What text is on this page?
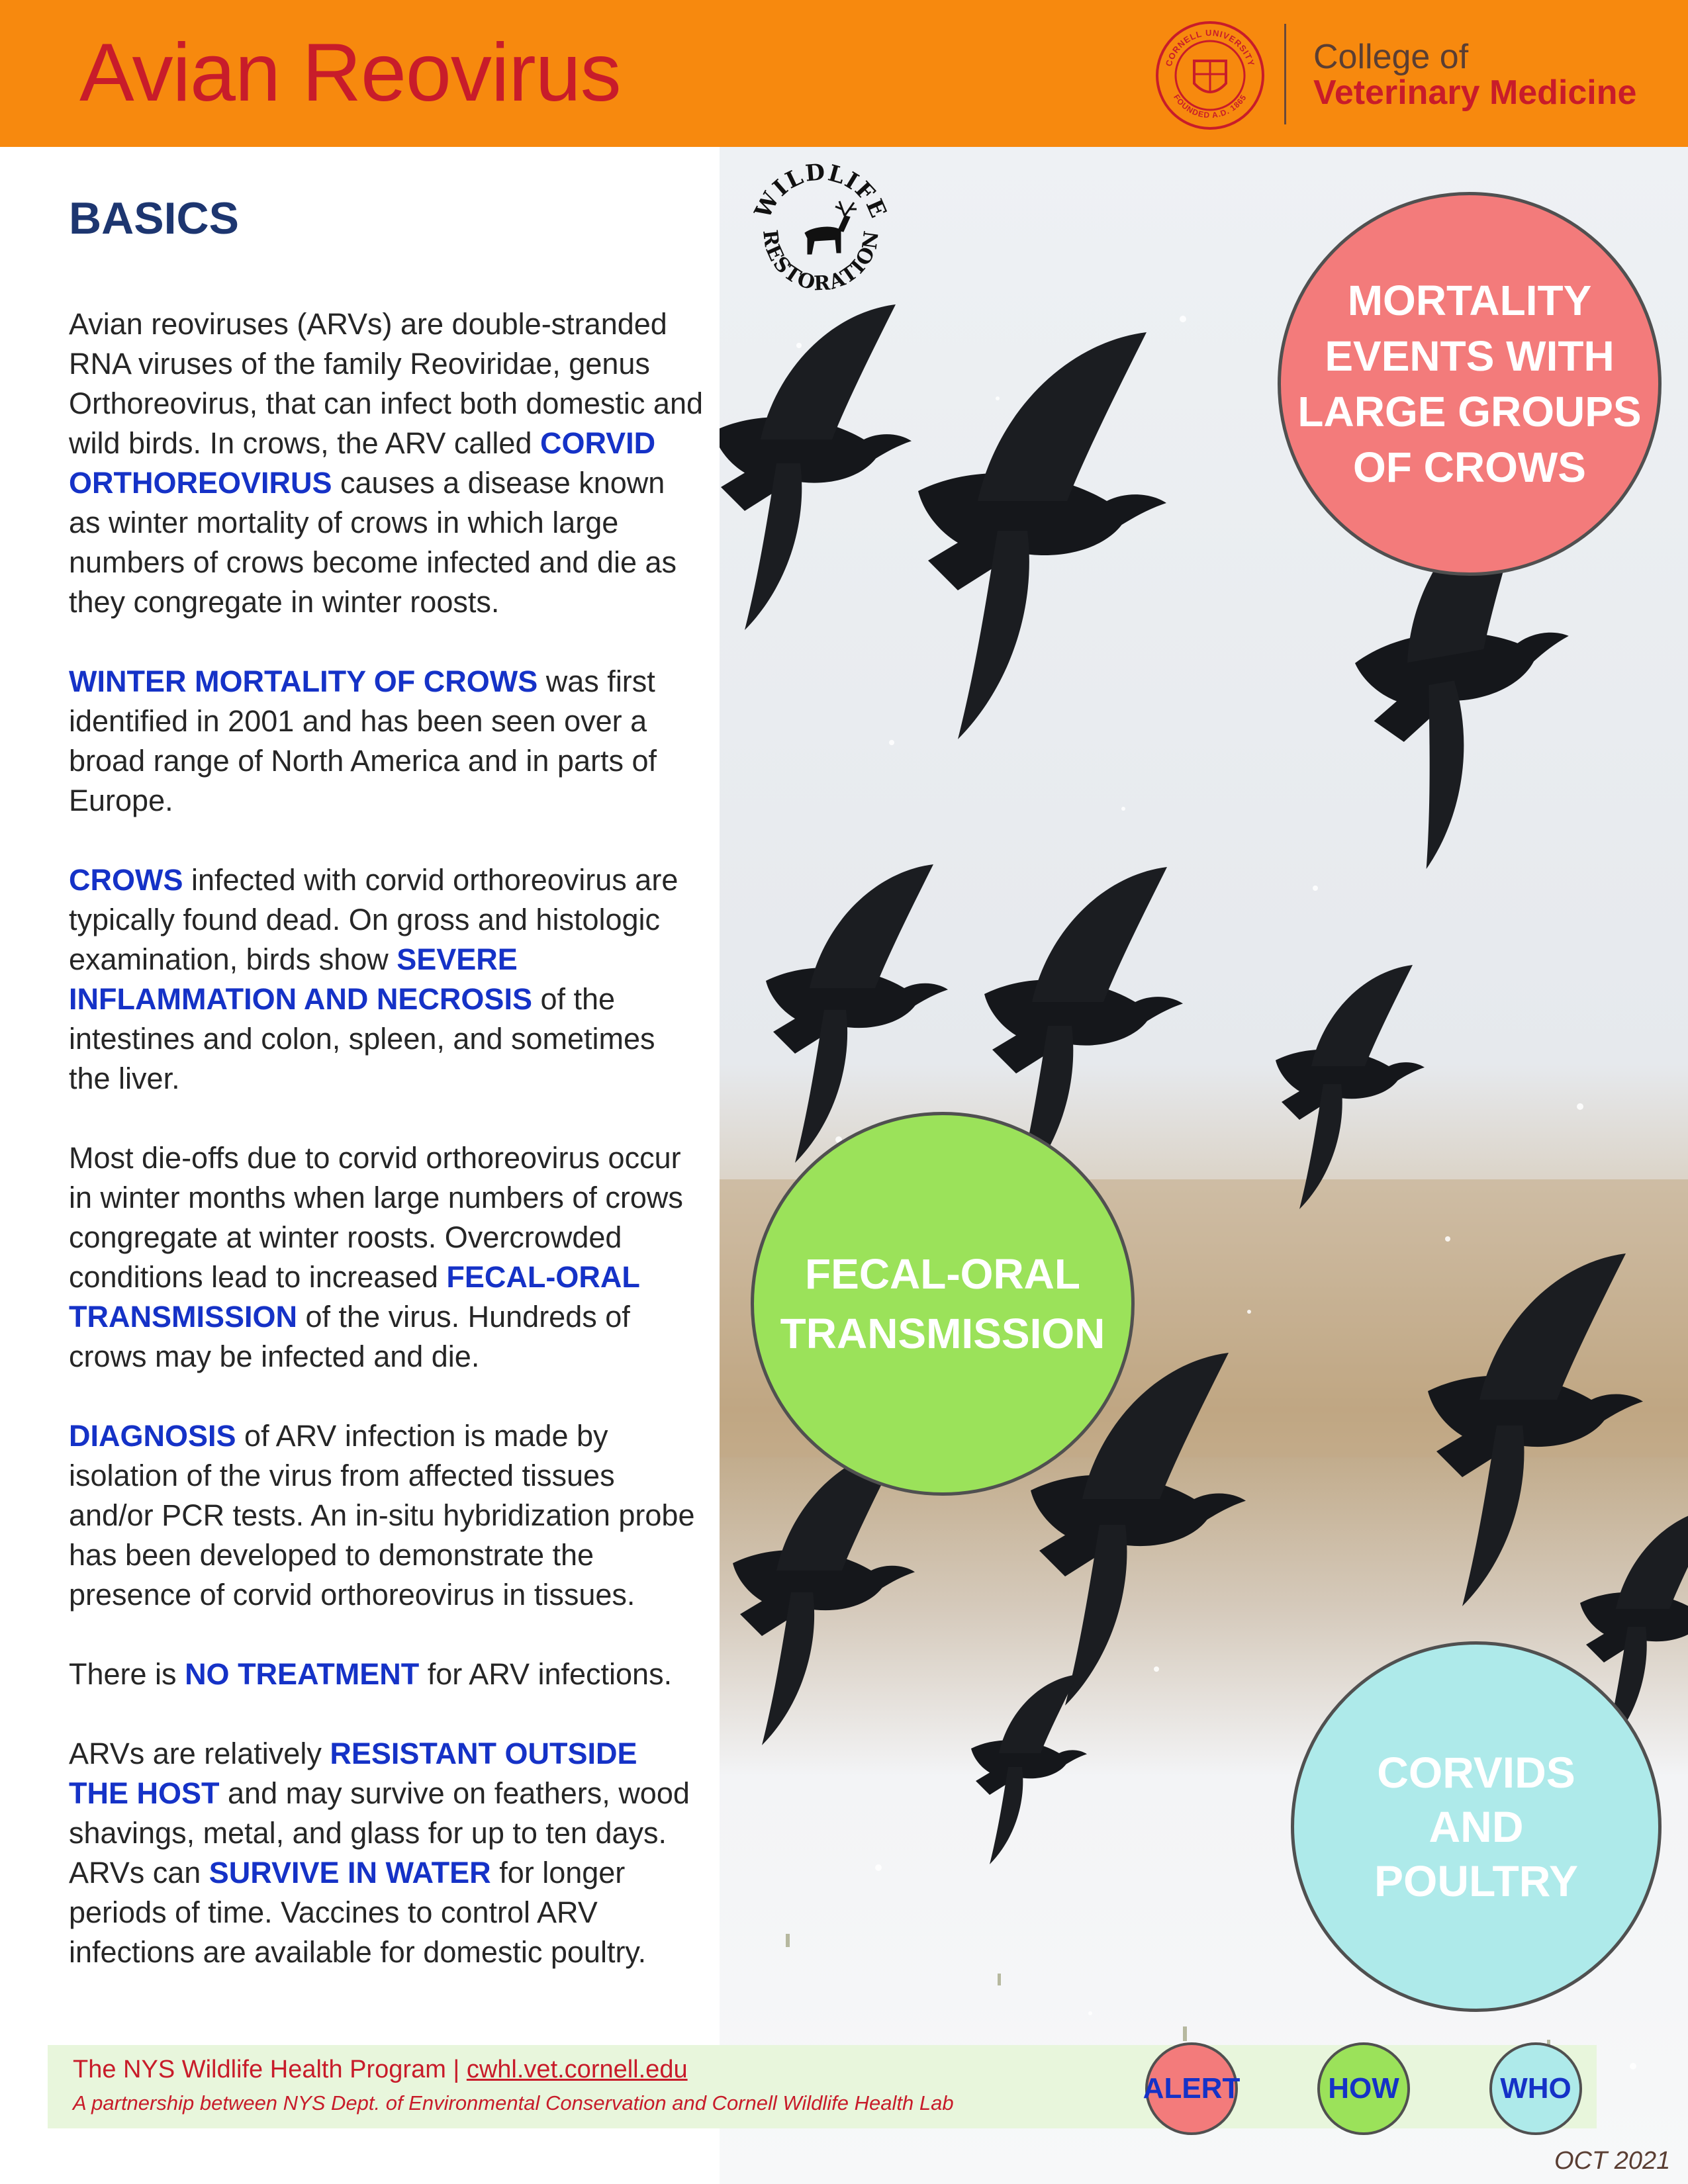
Avian Reovirus	CORNELL UNIVERSITY
FOUNDED A.D. 1865
College of
Veterinary Medicine
BASICS

Avian reoviruses (ARVs) are double-stranded RNA viruses of the family Reoviridae, genus Orthoreovirus, that can infect both domestic and wild birds. In crows, the ARV called CORVID ORTHOREOVIRUS causes a disease known as winter mortality of crows in which large numbers of crows become infected and die as they congregate in winter roosts.

WINTER MORTALITY OF CROWS was first identified in 2001 and has been seen over a broad range of North America and in parts of Europe.

CROWS infected with corvid orthoreovirus are typically found dead. On gross and histologic examination, birds show SEVERE INFLAMMATION AND NECROSIS of the intestines and colon, spleen, and sometimes the liver.

Most die-offs due to corvid orthoreovirus occur in winter months when large numbers of crows congregate at winter roosts. Overcrowded conditions lead to increased FECAL-ORAL TRANSMISSION of the virus. Hundreds of crows may be infected and die.

DIAGNOSIS of ARV infection is made by isolation of the virus from affected tissues and/or PCR tests. An in-situ hybridization probe has been developed to demonstrate the presence of corvid orthoreovirus in tissues.

There is NO TREATMENT for ARV infections.

ARVs are relatively RESISTANT OUTSIDE THE HOST and may survive on feathers, wood shavings, metal, and glass for up to ten days. ARVs can SURVIVE IN WATER for longer periods of time. Vaccines to control ARV infections are available for domestic poultry.

WILDLIFE
RESTORATION
MORTALITY
EVENTS WITH
LARGE GROUPS
OF CROWS
FECAL-ORAL
TRANSMISSION
CORVIDS
AND
POULTRY
The NYS Wildlife Health Program | cwhl.vet.cornell.edu
A partnership between NYS Dept. of Environmental Conservation and Cornell Wildlife Health Lab	ALERT	HOW	WHO
OCT 2021
